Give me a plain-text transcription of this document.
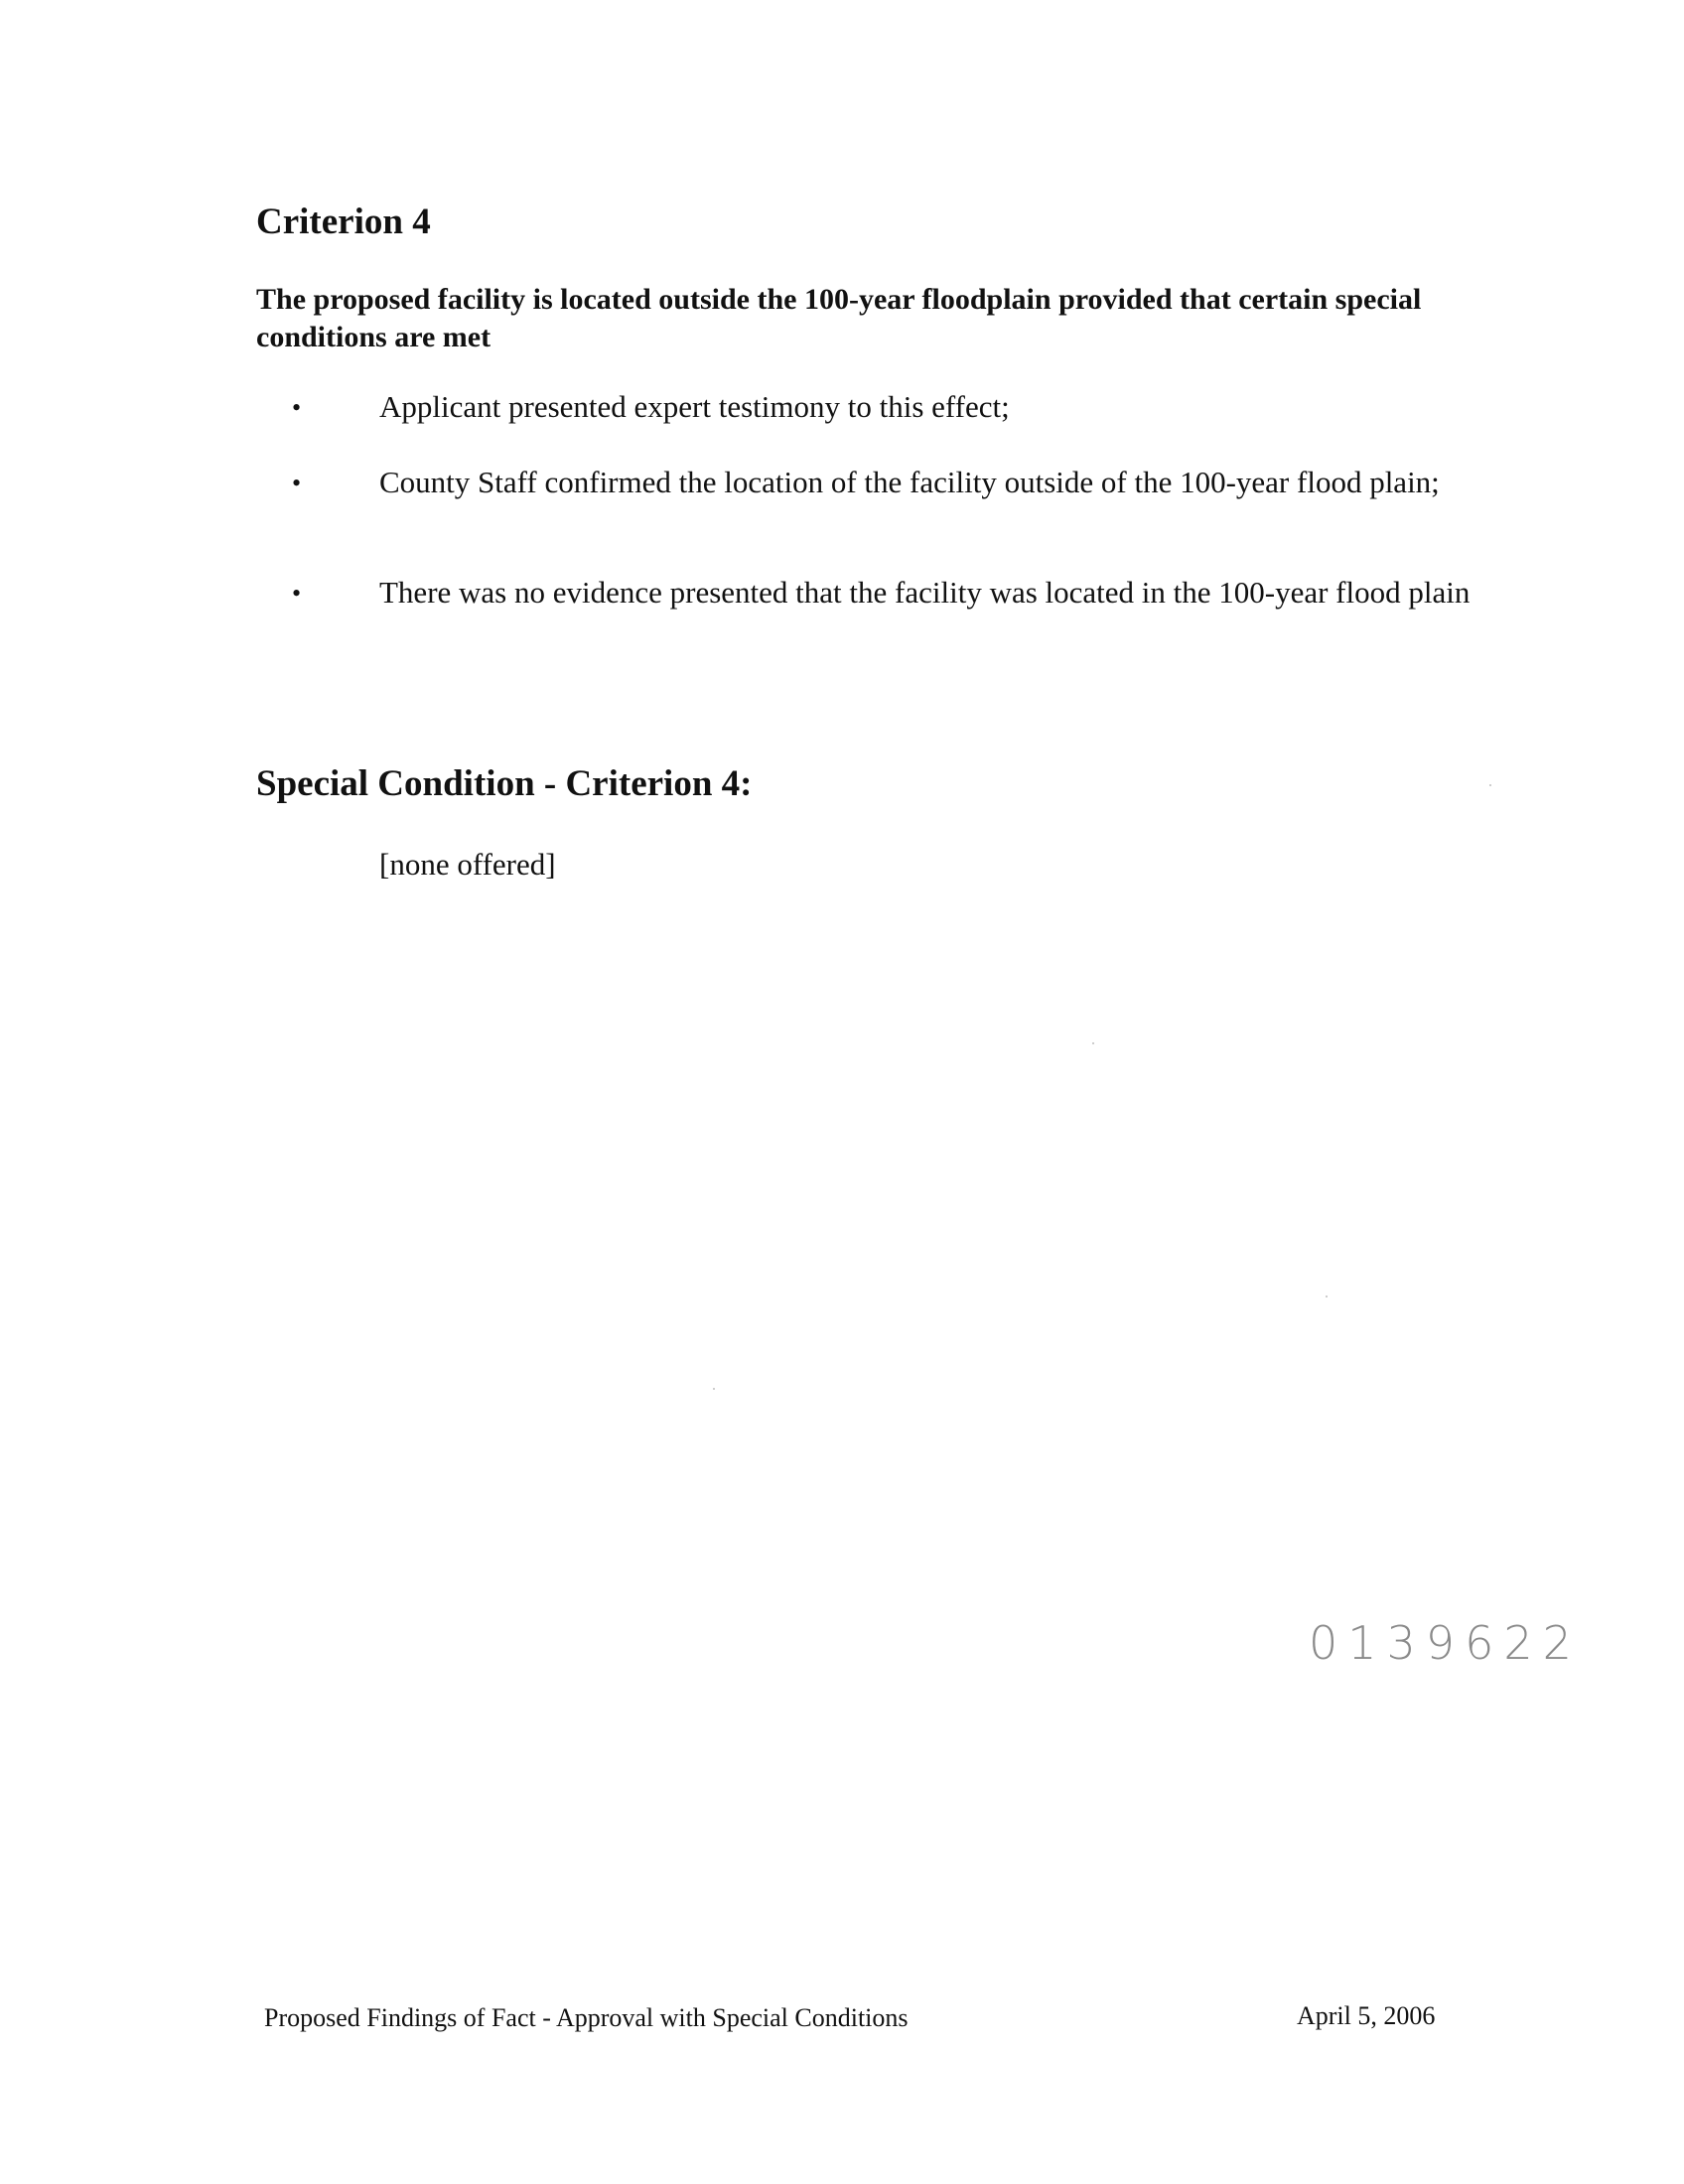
Criterion 4

The proposed facility is located outside the 100-year floodplain provided that certain special conditions are met

•	Applicant presented expert testimony to this effect;
•	County Staff confirmed the location of the facility outside of the 100-year flood plain;
•	There was no evidence presented that the facility was located in the 100-year flood plain
Special Condition - Criterion 4:
[none offered]
0139622
Proposed Findings of Fact - Approval with Special Conditions	April 5, 2006
